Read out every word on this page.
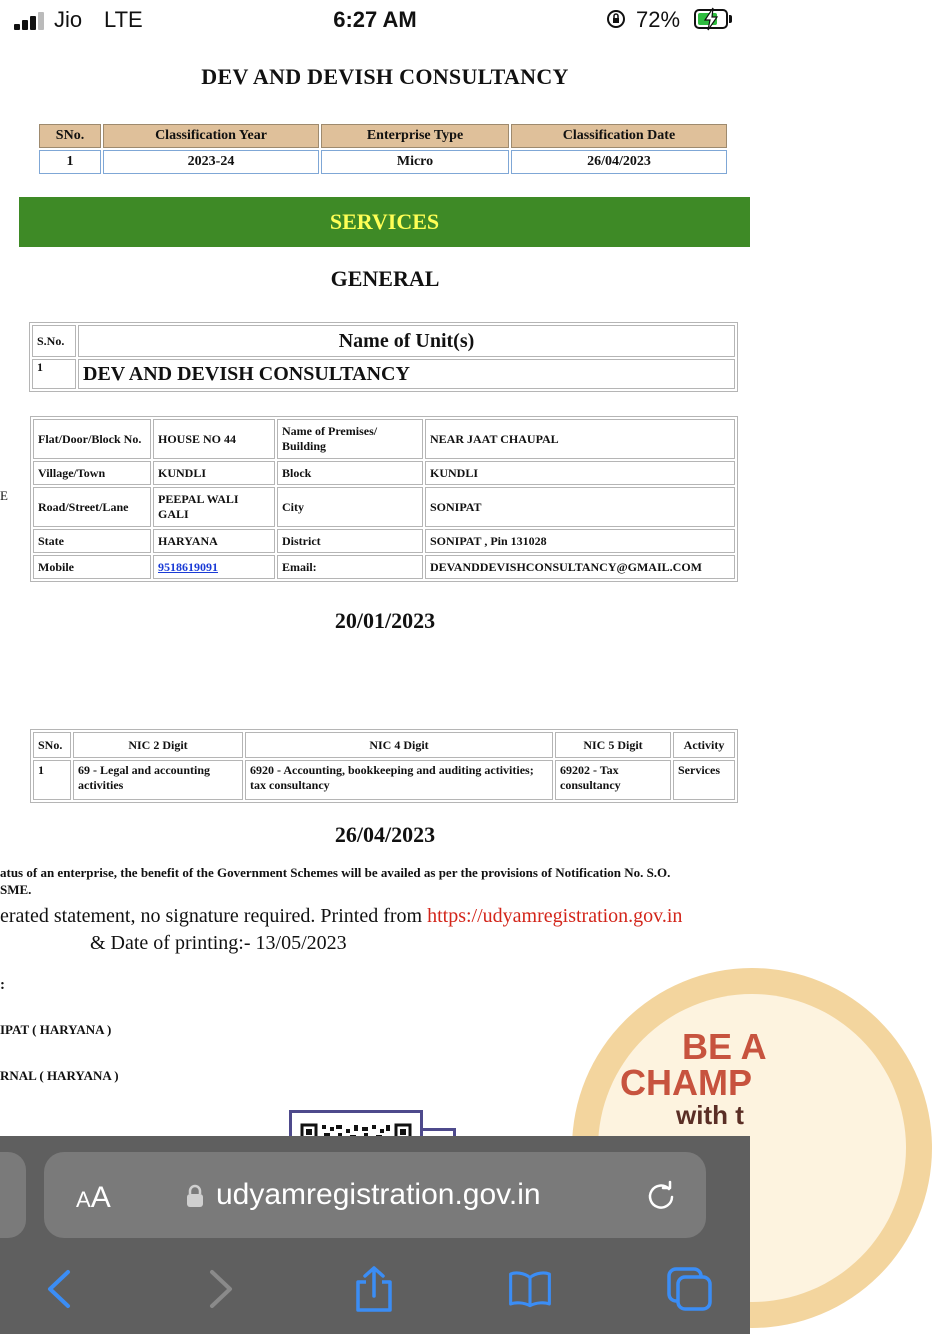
Jio LTE	6:27 AM	72%
DEV AND DEVISH CONSULTANCY
SNo.	Classification Year	Enterprise Type	Classification Date
1	2023-24	Micro	26/04/2023
SERVICES
GENERAL
S.No.	Name of Unit(s)
1	DEV AND DEVISH CONSULTANCY
E
Flat/Door/Block No.	HOUSE NO 44	Name of Premises/ Building	NEAR JAAT CHAUPAL
Village/Town	KUNDLI	Block	KUNDLI
Road/Street/Lane	PEEPAL WALI GALI	City	SONIPAT
State	HARYANA	District	SONIPAT , Pin 131028
Mobile	9518619091	Email:	DEVANDDEVISHCONSULTANCY@GMAIL.COM
20/01/2023
SNo.	NIC 2 Digit	NIC 4 Digit	NIC 5 Digit	Activity
1	69 - Legal and accounting activities	6920 - Accounting, bookkeeping and auditing activities; tax consultancy	69202 - Tax consultancy	Services
26/04/2023
atus of an enterprise, the benefit of the Government Schemes will be availed as per the provisions of Notification No. S.O.
SME.
erated statement, no signature required. Printed from https://udyamregistration.gov.in
& Date of printing:- 13/05/2023
:
IPAT ( HARYANA )
RNAL ( HARYANA )
BE A
CHAMP
with t
AA	udyamregistration.gov.in
